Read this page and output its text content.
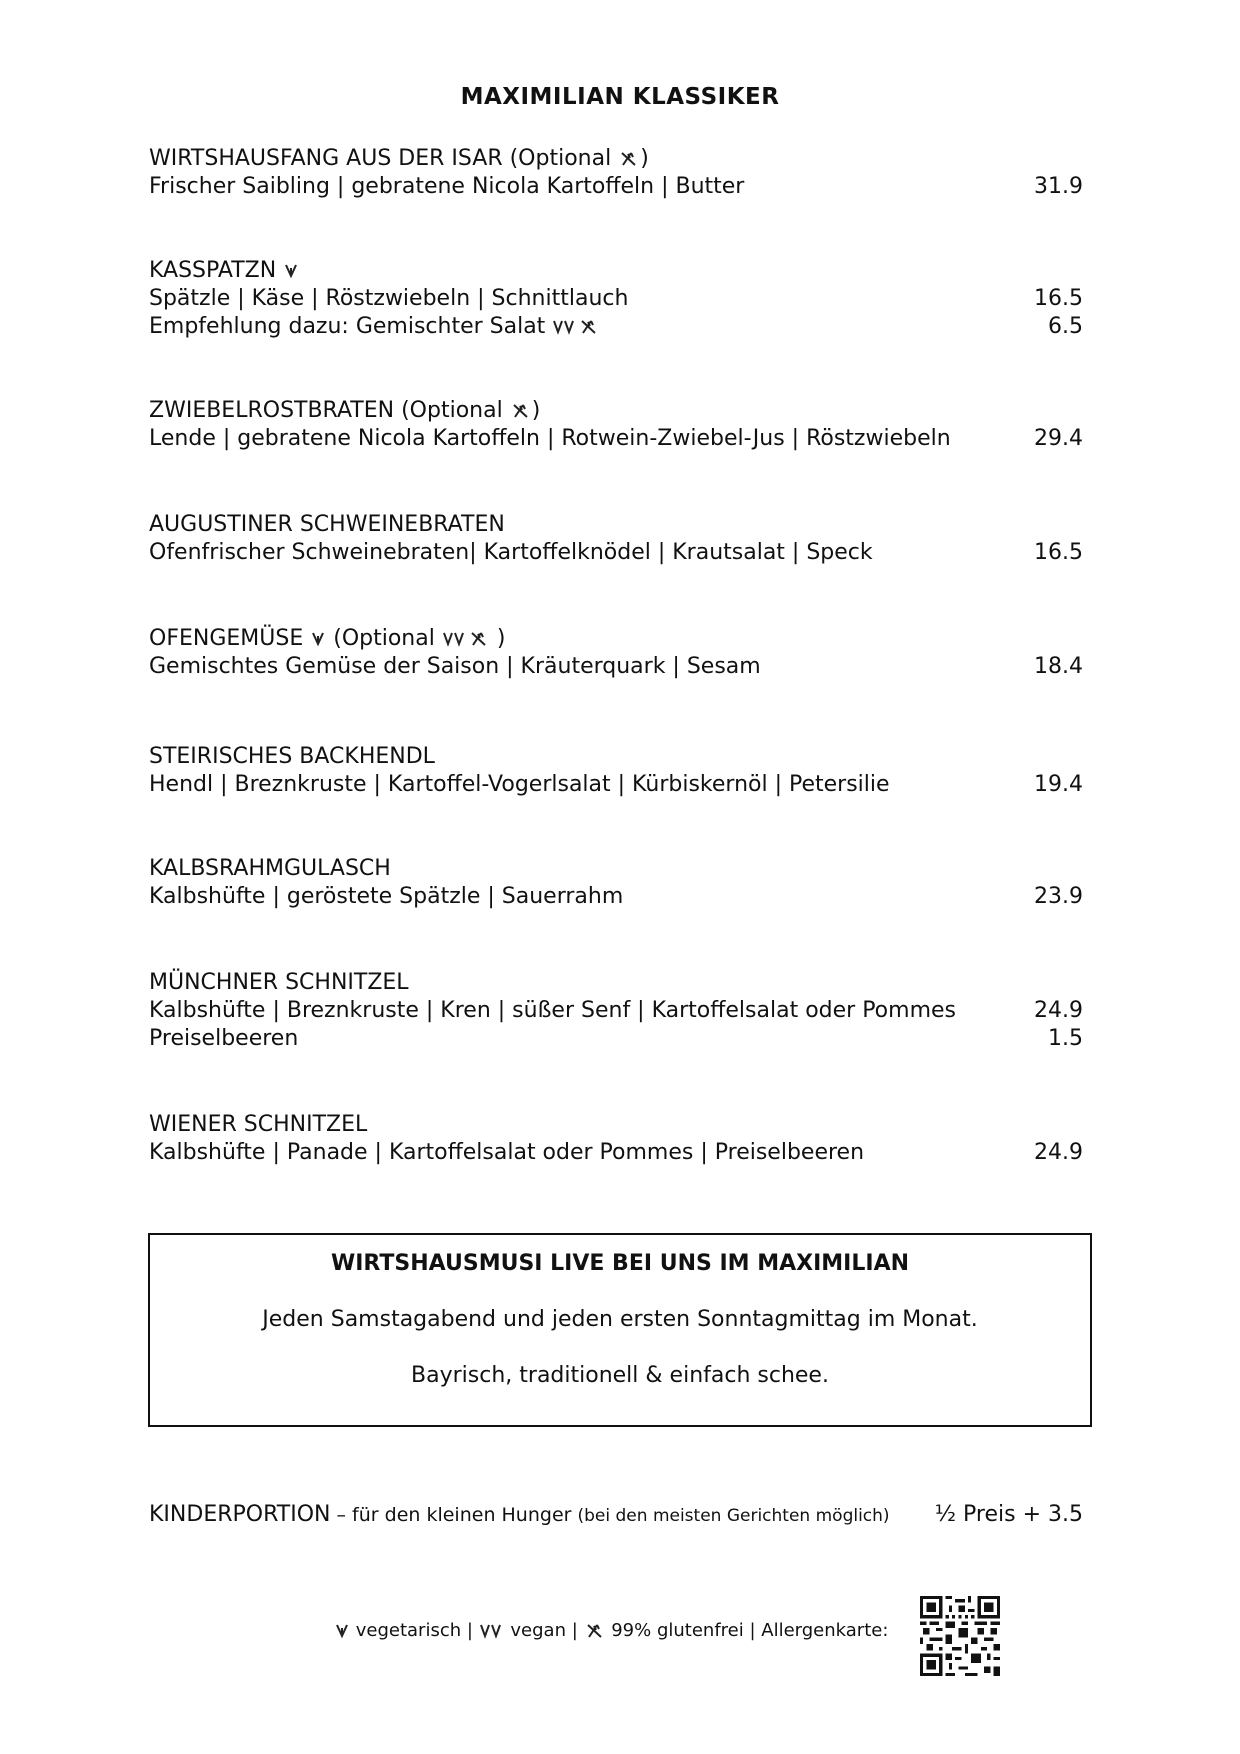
MAXIMILIAN KLASSIKER
WIRTSHAUSFANG AUS DER ISAR (Optional )
Frischer Saibling | gebratene Nicola Kartoffeln | Butter	31.9
KASSPATZN
Spätzle | Käse | Röstzwiebeln | Schnittlauch	16.5
Empfehlung dazu: Gemischter Salat	6.5
ZWIEBELROSTBRATEN (Optional )
Lende | gebratene Nicola Kartoffeln | Rotwein-Zwiebel-Jus | Röstzwiebeln	29.4
AUGUSTINER SCHWEINEBRATEN
Ofenfrischer Schweinebraten| Kartoffelknödel | Krautsalat | Speck	16.5
OFENGEMÜSE (Optional	)
Gemischtes Gemüse der Saison | Kräuterquark | Sesam	18.4
STEIRISCHES BACKHENDL
Hendl | Breznkruste | Kartoffel-Vogerlsalat | Kürbiskernöl | Petersilie	19.4
KALBSRAHMGULASCH
Kalbshüfte | geröstete Spätzle | Sauerrahm	23.9
MÜNCHNER SCHNITZEL
Kalbshüfte | Breznkruste | Kren | süßer Senf | Kartoffelsalat oder Pommes	24.9
Preiselbeeren	1.5
WIENER SCHNITZEL
Kalbshüfte | Panade | Kartoffelsalat oder Pommes | Preiselbeeren	24.9
WIRTSHAUSMUSI LIVE BEI UNS IM MAXIMILIAN
Jeden Samstagabend und jeden ersten Sonntagmittag im Monat.
Bayrisch, traditionell & einfach schee.
KINDERPORTION – für den kleinen Hunger (bei den meisten Gerichten möglich) ½ Preis + 3.5
vegetarisch |
vegan |
99% glutenfrei | Allergenkarte:
